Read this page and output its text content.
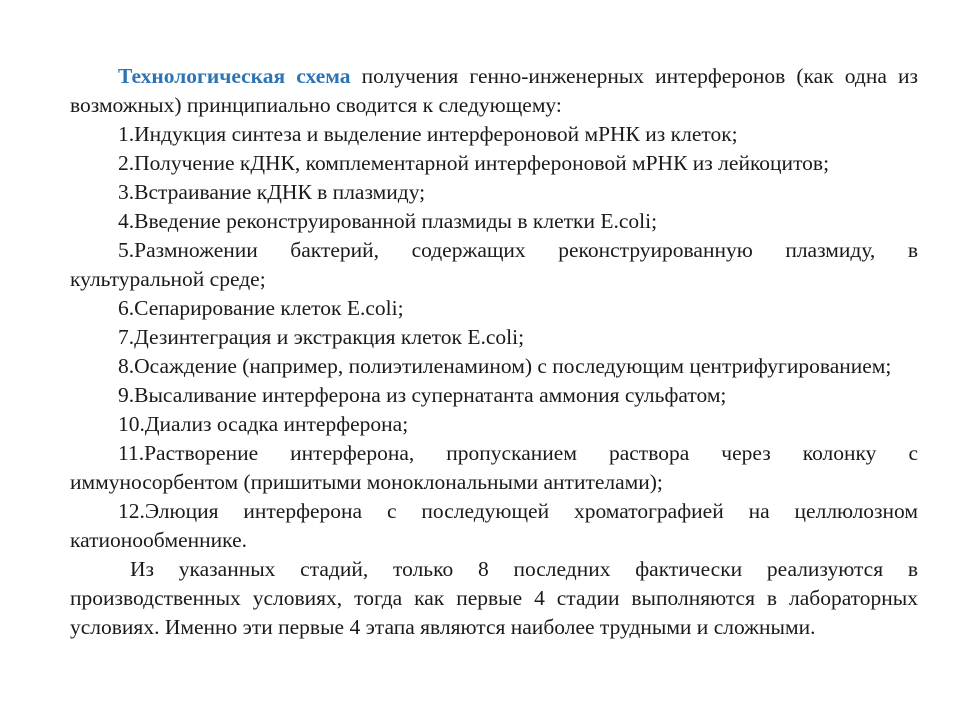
Технологическая схема получения генно-инженерных интерферонов (как одна из возможных) принципиально сводится к следующему:

1.Индукция синтеза и выделение интерфероновой мРНК из клеток;

2.Получение кДНК, комплементарной интерфероновой мРНК из лейкоцитов;

3.Встраивание кДНК в плазмиду;

4.Введение реконструированной плазмиды в клетки E.coli;

5.Размножении бактерий, содержащих реконструированную плазмиду, в культуральной среде;

6.Сепарирование клеток E.coli;

7.Дезинтеграция и экстракция клеток E.coli;

8.Осаждение (например, полиэтиленамином) с последующим центрифугированием;

9.Высаливание интерферона из супернатанта аммония сульфатом;

10.Диализ осадка интерферона;

11.Растворение интерферона, пропусканием раствора через колонку с иммуносорбентом (пришитыми моноклональными антителами);

12.Элюция интерферона с последующей хроматографией на целлюлозном катионообменнике.

Из указанных стадий, только 8 последних фактически реализуются в производственных условиях, тогда как первые 4 стадии выполняются в лабораторных условиях. Именно эти первые 4 этапа являются наиболее трудными и сложными.
